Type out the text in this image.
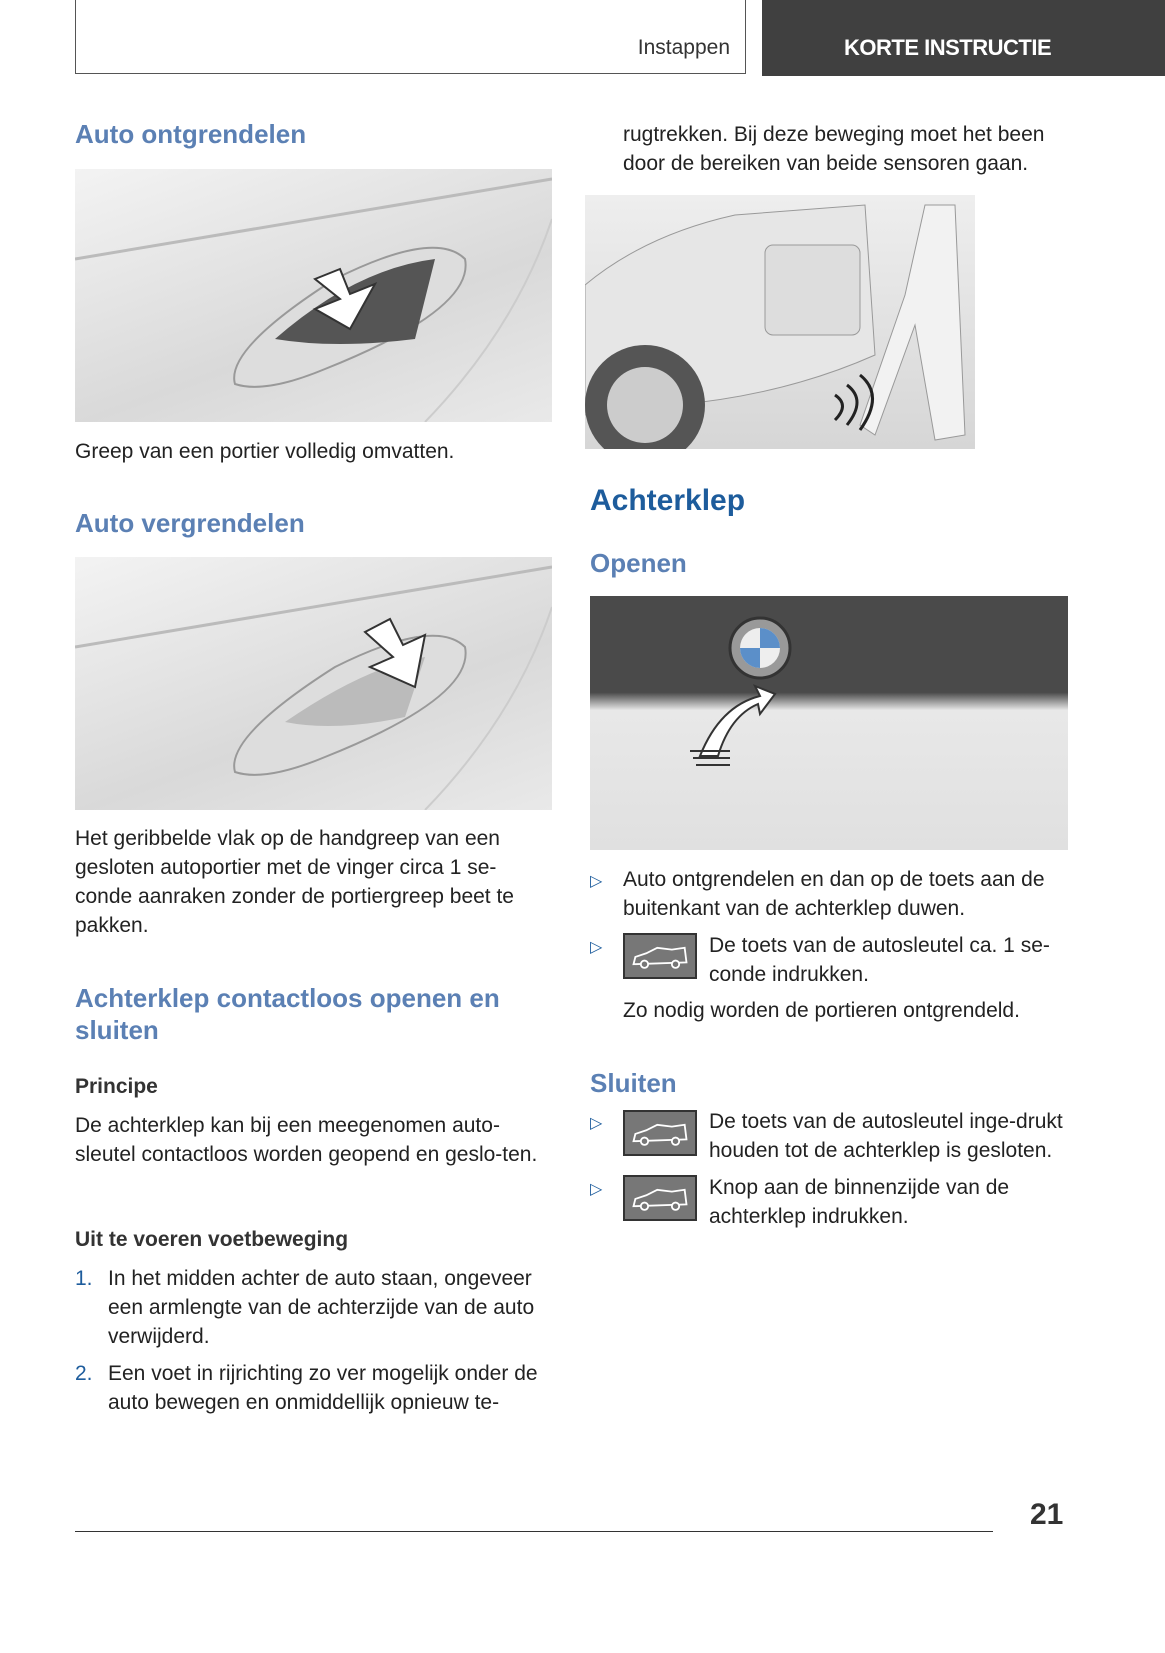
Instappen	KORTE INSTRUCTIE
Auto ontgrendelen

Greep van een portier volledig omvatten.

Auto vergrendelen

Het geribbelde vlak op de handgreep van een gesloten autoportier met de vinger circa 1 se-conde aanraken zonder de portiergreep beet te pakken.

Achterklep contactloos openen en sluiten
Principe

De achterklep kan bij een meegenomen auto-sleutel contactloos worden geopend en geslo-ten.

Uit te voeren voetbeweging

1. In het midden achter de auto staan, ongeveer een armlengte van de achterzijde van de auto verwijderd.

2. Een voet in rijrichting zo ver mogelijk onder de auto bewegen en onmiddellijk opnieuw te-

rugtrekken. Bij deze beweging moet het been door de bereiken van beide sensoren gaan.

Achterklep
Openen
▷ Auto ontgrendelen en dan op de toets aan de buitenkant van de achterklep duwen.

▷	De toets van de autosleutel ca. 1 se-conde indrukken.

Zo nodig worden de portieren ontgrendeld.

Sluiten
▷	De toets van de autosleutel inge-drukt houden tot de achterklep is gesloten.

▷	Knop aan de binnenzijde van de achterklep indrukken.

21
